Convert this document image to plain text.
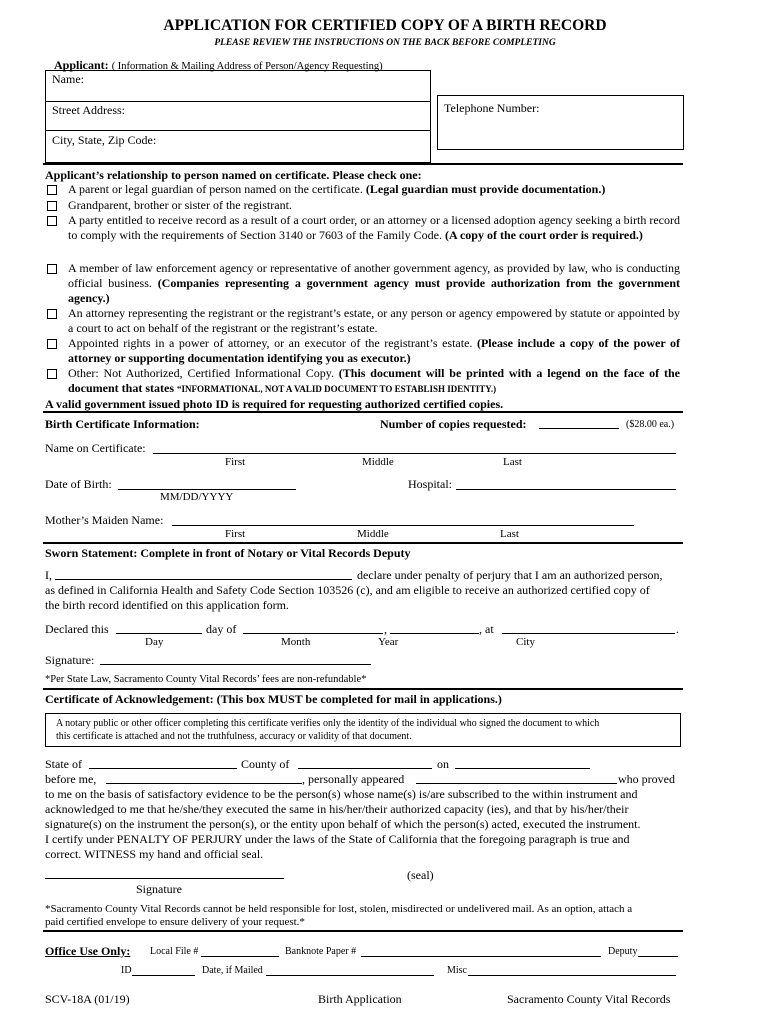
APPLICATION FOR CERTIFIED COPY OF A BIRTH RECORD
PLEASE REVIEW THE INSTRUCTIONS ON THE BACK BEFORE COMPLETING
Applicant: ( Information & Mailing Address of Person/Agency Requesting)
Name:
Street Address:
City, State, Zip Code:
Telephone Number:
Applicant’s relationship to person named on certificate. Please check one:
A parent or legal guardian of person named on the certificate. (Legal guardian must provide documentation.)
Grandparent, brother or sister of the registrant.
A party entitled to receive record as a result of a court order, or an attorney or a licensed adoption agency seeking a birth record to comply with the requirements of Section 3140 or 7603 of the Family Code. (A copy of the court order is required.)
A member of law enforcement agency or representative of another government agency, as provided by law, who is conducting official business. (Companies representing a government agency must provide authorization from the government agency.)
An attorney representing the registrant or the registrant’s estate, or any person or agency empowered by statute or appointed by a court to act on behalf of the registrant or the registrant’s estate.
Appointed rights in a power of attorney, or an executor of the registrant’s estate. (Please include a copy of the power of attorney or supporting documentation identifying you as executor.)
Other: Not Authorized, Certified Informational Copy. (This document will be printed with a legend on the face of the document that states “INFORMATIONAL, NOT A VALID DOCUMENT TO ESTABLISH IDENTITY.)
A valid government issued photo ID is required for requesting authorized certified copies.
Birth Certificate Information:	Number of copies requested:	($28.00 ea.)
Name on Certificate:
First	Middle	Last
Date of Birth:
MM/DD/YYYY
Hospital:
Mother’s Maiden Name:
First	Middle	Last
Sworn Statement: Complete in front of Notary or Vital Records Deputy
I,	declare under penalty of perjury that I am an authorized person,
as defined in California Health and Safety Code Section 103526 (c), and am eligible to receive an authorized certified copy of
the birth record identified on this application form.
Declared this	day of	,	, at	.
Day	Month	Year	City
Signature:
*Per State Law, Sacramento County Vital Records’ fees are non-refundable*
Certificate of Acknowledgement: (This box MUST be completed for mail in applications.)
A notary public or other officer completing this certificate verifies only the identity of the individual who signed the document to which
this certificate is attached and not the truthfulness, accuracy or validity of that document.
State of	County of	on
before me,	, personally appeared	who proved
to me on the basis of satisfactory evidence to be the person(s) whose name(s) is/are subscribed to the within instrument and
acknowledged to me that he/she/they executed the same in his/her/their authorized capacity (ies), and that by his/her/their
signature(s) on the instrument the person(s), or the entity upon behalf of which the person(s) acted, executed the instrument.
I certify under PENALTY OF PERJURY under the laws of the State of California that the foregoing paragraph is true and
correct. WITNESS my hand and official seal.
(seal)
Signature
*Sacramento County Vital Records cannot be held responsible for lost, stolen, misdirected or undelivered mail. As an option, attach a
paid certified envelope to ensure delivery of your request.*
Office Use Only: Local File #	Banknote Paper #	Deputy
ID	Date, if Mailed	Misc
SCV-18A (01/19)	Birth Application	Sacramento County Vital Records
